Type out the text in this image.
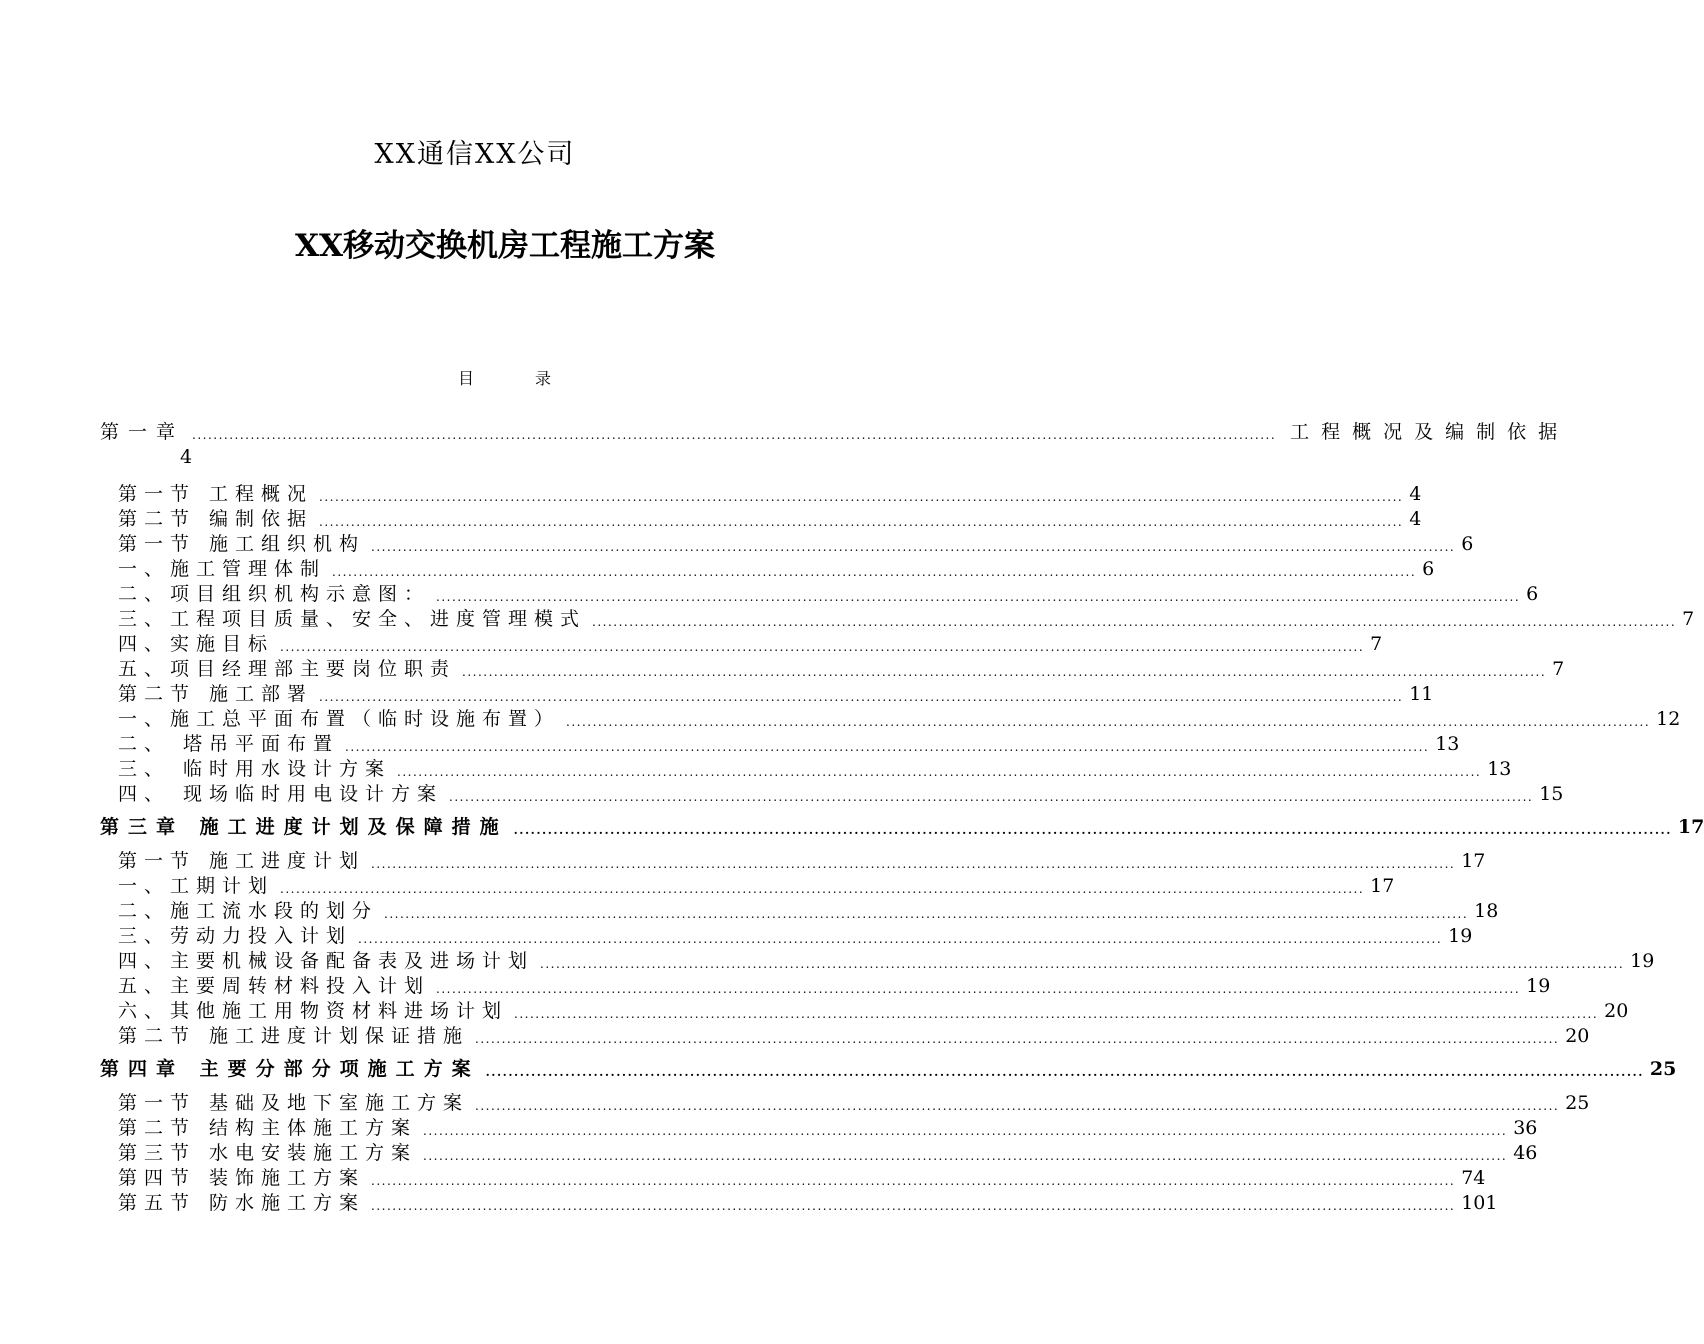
XX通信XX公司
XX移动交换机房工程施工方案
目            录
第一章 ............................................................................................................................................................................................................ 工程概况及编制依据
4
第一节 工程概况 ............................................................................................................................................................................................................ 4
第二节 编制依据 ............................................................................................................................................................................................................ 4
第一节 施工组织机构 ............................................................................................................................................................................................................ 6
一、施工管理体制 ............................................................................................................................................................................................................ 6
二、项目组织机构示意图： ............................................................................................................................................................................................................ 6
三、工程项目质量、安全、进度管理模式 ............................................................................................................................................................................................................ 7
四、实施目标 ............................................................................................................................................................................................................ 7
五、项目经理部主要岗位职责 ............................................................................................................................................................................................................ 7
第二节 施工部署 ............................................................................................................................................................................................................ 11
一、施工总平面布置（临时设施布置） ............................................................................................................................................................................................................ 12
二、 塔吊平面布置 ............................................................................................................................................................................................................ 13
三、 临时用水设计方案 ............................................................................................................................................................................................................ 13
四、 现场临时用电设计方案 ............................................................................................................................................................................................................ 15
第三章 施工进度计划及保障措施 ............................................................................................................................................................................................................ 17
第一节 施工进度计划 ............................................................................................................................................................................................................ 17
一、工期计划 ............................................................................................................................................................................................................ 17
二、施工流水段的划分 ............................................................................................................................................................................................................ 18
三、劳动力投入计划 ............................................................................................................................................................................................................ 19
四、主要机械设备配备表及进场计划 ............................................................................................................................................................................................................ 19
五、主要周转材料投入计划 ............................................................................................................................................................................................................ 19
六、其他施工用物资材料进场计划 ............................................................................................................................................................................................................ 20
第二节 施工进度计划保证措施 ............................................................................................................................................................................................................ 20
第四章 主要分部分项施工方案 ............................................................................................................................................................................................................ 25
第一节 基础及地下室施工方案 ............................................................................................................................................................................................................ 25
第二节 结构主体施工方案 ............................................................................................................................................................................................................ 36
第三节 水电安装施工方案 ............................................................................................................................................................................................................ 46
第四节 装饰施工方案 ............................................................................................................................................................................................................ 74
第五节 防水施工方案 ............................................................................................................................................................................................................ 101
